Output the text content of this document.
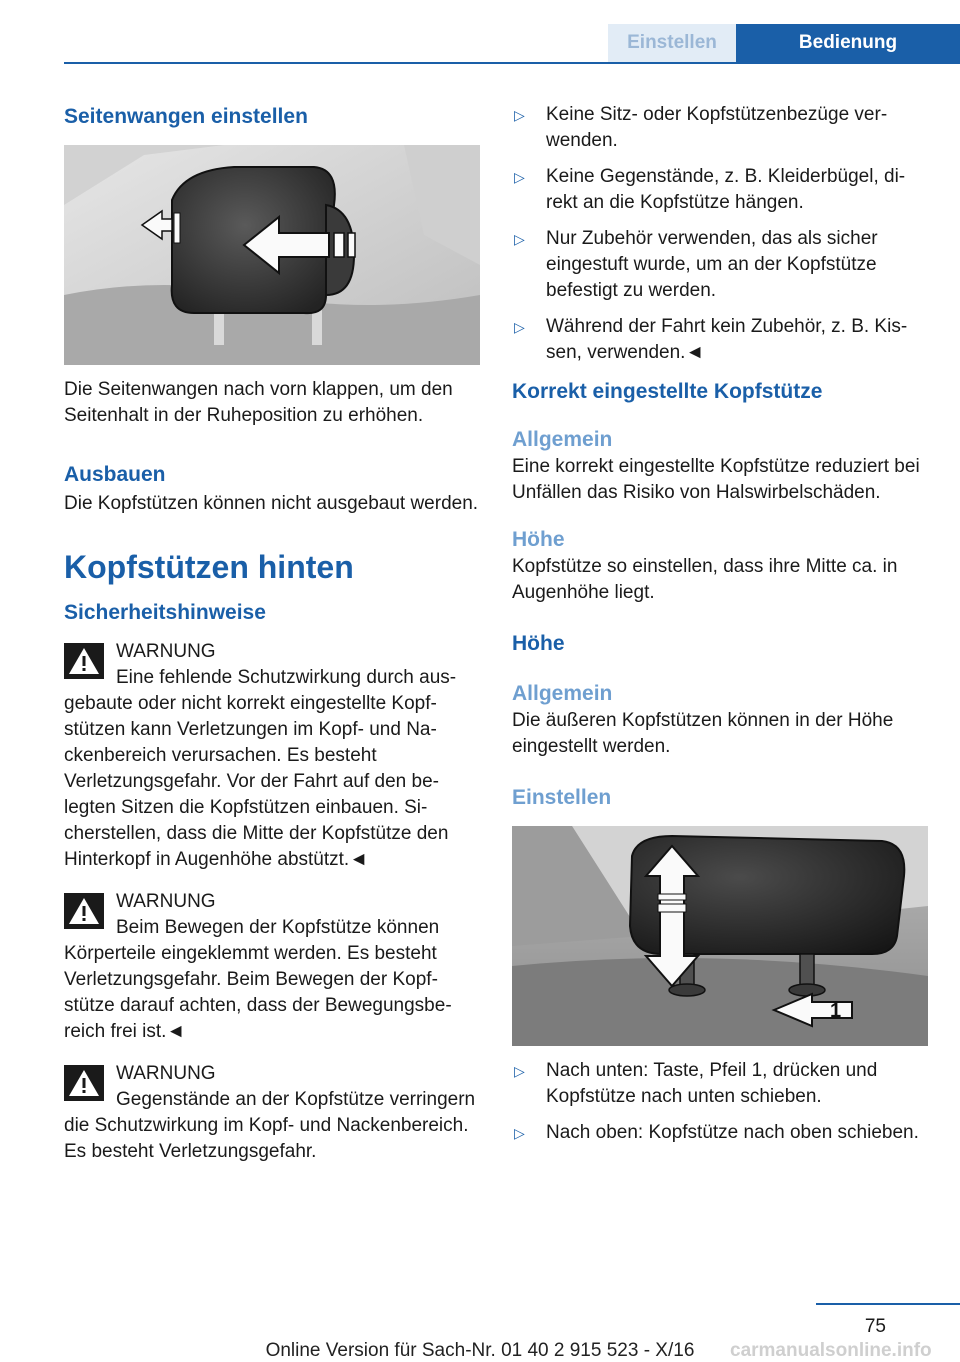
Einstellen	Bedienung
Seitenwangen einstellen

Die Seitenwangen nach vorn klappen, um den Seitenhalt in der Ruheposition zu erhöhen.

Ausbauen

Die Kopfstützen können nicht ausgebaut werden.

Kopfstützen hinten
Sicherheitshinweise
WARNUNG

Eine fehlende Schutzwirkung durch ausgebaute oder nicht korrekt eingestellte Kopfstützen kann Verletzungen im Kopf- und Nackenbereich verursachen. Es besteht Verletzungsgefahr. Vor der Fahrt auf den belegten Sitzen die Kopfstützen einbauen. Sicherstellen, dass die Mitte der Kopfstütze den Hinterkopf in Augenhöhe abstützt.◄

WARNUNG

Beim Bewegen der Kopfstütze können Körperteile eingeklemmt werden. Es besteht Verletzungsgefahr. Beim Bewegen der Kopfstütze darauf achten, dass der Bewegungsbereich frei ist.◄

WARNUNG

Gegenstände an der Kopfstütze verringern die Schutzwirkung im Kopf- und Nackenbereich. Es besteht Verletzungsgefahr.

▷ Keine Sitz- oder Kopfstützenbezüge verwenden.
▷ Keine Gegenstände, z. B. Kleiderbügel, direkt an die Kopfstütze hängen.
▷ Nur Zubehör verwenden, das als sicher eingestuft wurde, um an der Kopfstütze befestigt zu werden.
▷ Während der Fahrt kein Zubehör, z. B. Kissen, verwenden.◄
Korrekt eingestellte Kopfstütze
Allgemein

Eine korrekt eingestellte Kopfstütze reduziert bei Unfällen das Risiko von Halswirbelschäden.

Höhe

Kopfstütze so einstellen, dass ihre Mitte ca. in Augenhöhe liegt.

Höhe
Allgemein

Die äußeren Kopfstützen können in der Höhe eingestellt werden.

Einstellen
1
▷ Nach unten: Taste, Pfeil 1, drücken und Kopfstütze nach unten schieben.
▷ Nach oben: Kopfstütze nach oben schieben.
75
carmanualsonline.info
Online Version für Sach-Nr. 01 40 2 915 523 - X/16
